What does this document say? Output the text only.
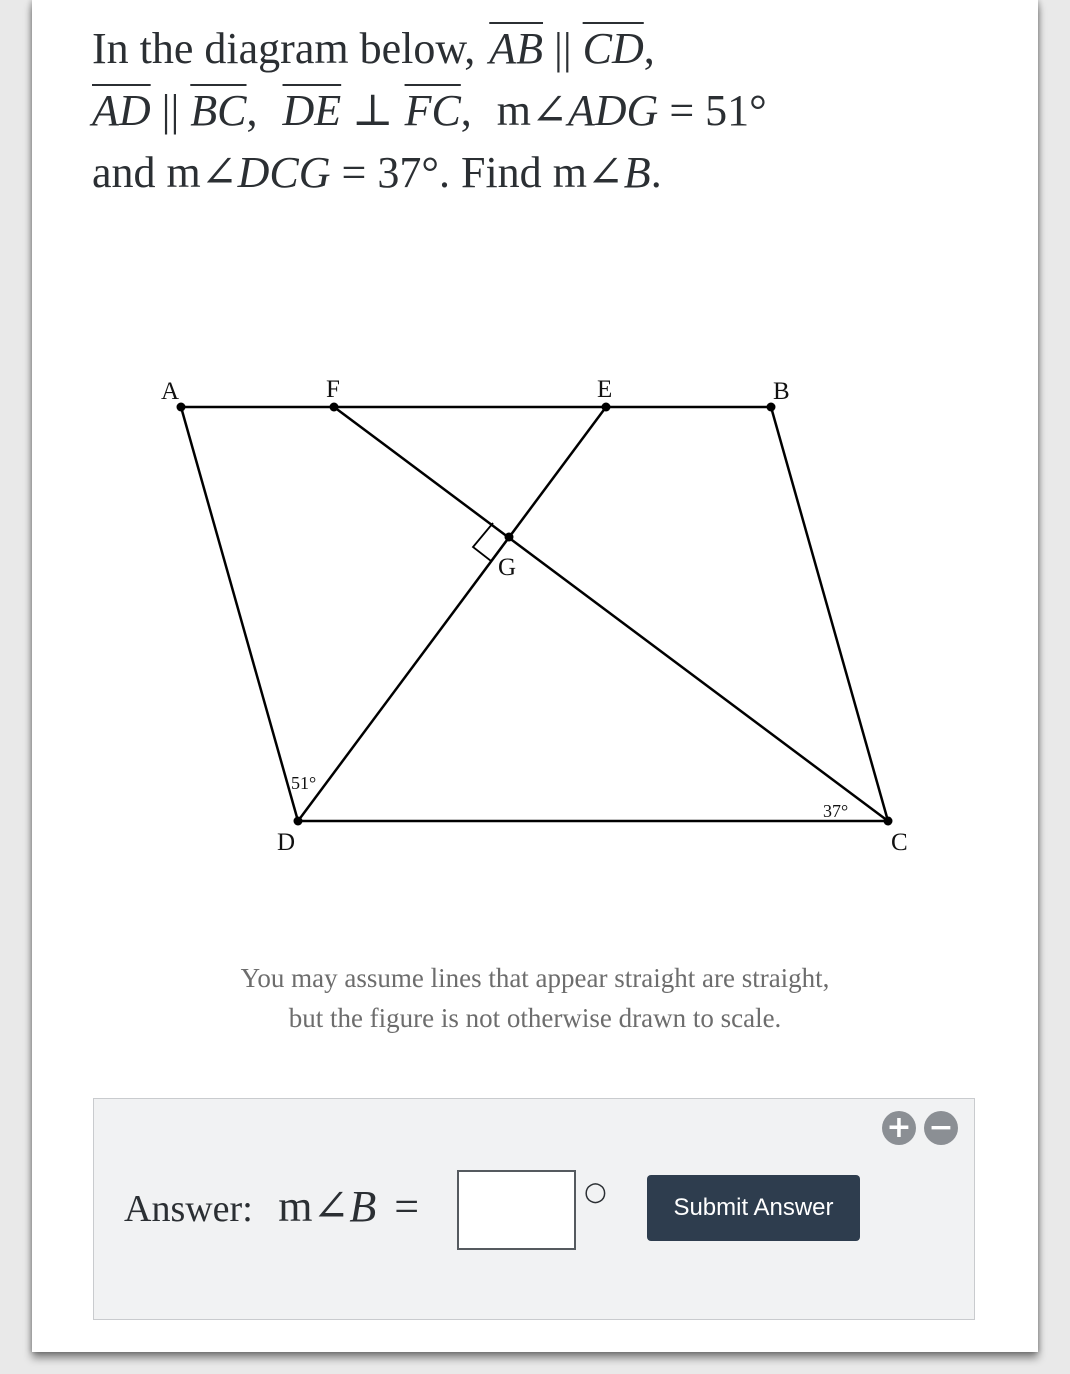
In the diagram below, $\overline{AB}$ || $\overline{CD}$,
$\overline{AD}$ || $\overline{BC}$, $\overline{DE}$ ⊥ $\overline{FC}$, m∠ADG = 51°
and m∠DCG = 37°. Find m∠B.
A	F	E	B
G
D	C
51°
37°
You may assume lines that appear straight are straight,
but the figure is not otherwise drawn to scale.
+ −
Answer: m∠B =	○
Submit Answer
